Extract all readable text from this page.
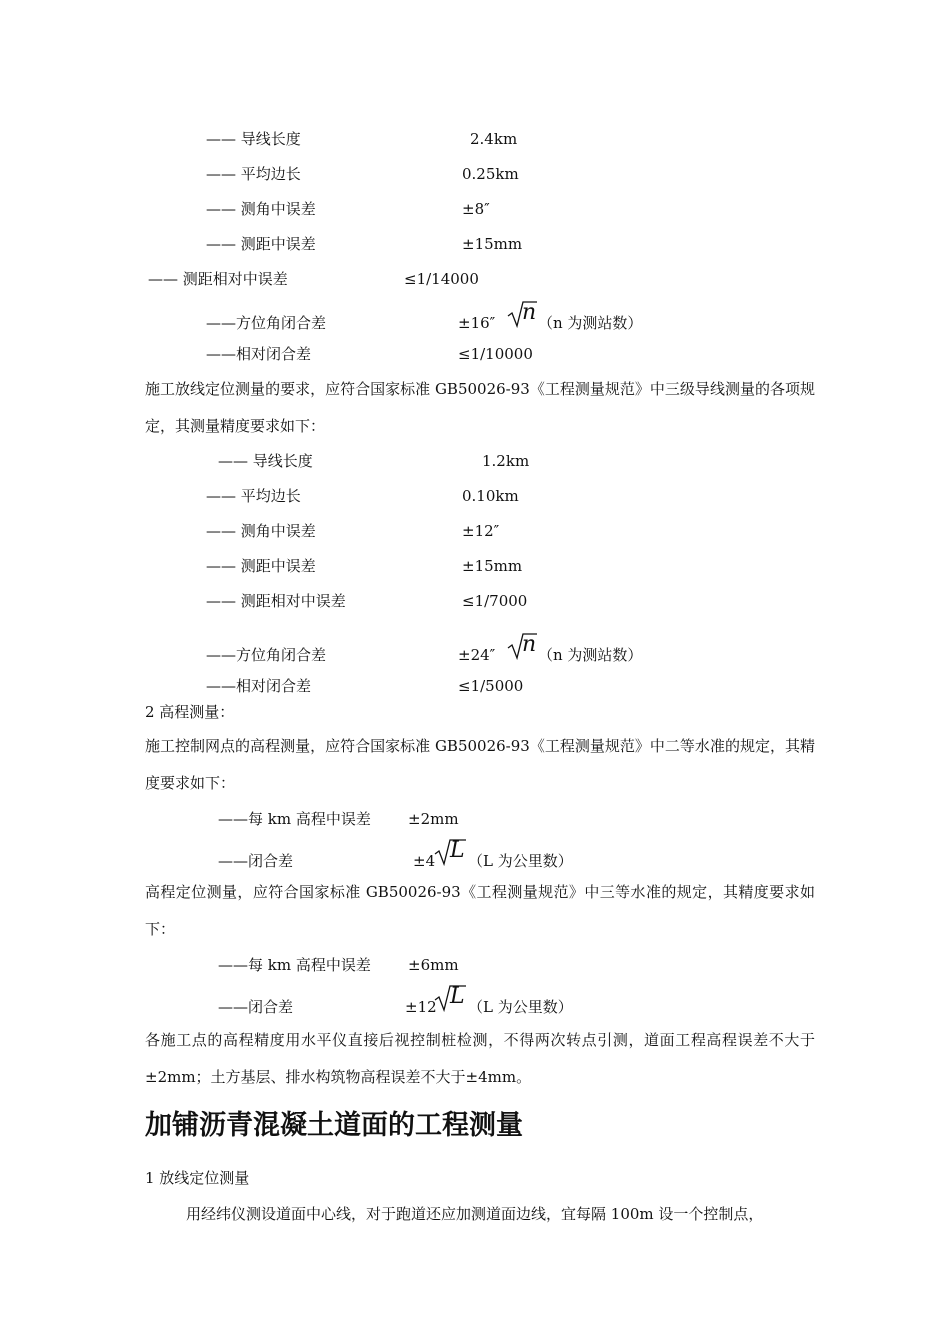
—— 导线长度	2.4km
—— 平均边长	0.25km
—— 测角中误差	±8″
—— 测距中误差	±15mm
—— 测距相对中误差	≤1/14000
——方位角闭合差	±16″ n （n 为测站数）
——相对闭合差	≤1/10000
施工放线定位测量的要求，应符合国家标准 GB50026-93《工程测量规范》中三级导线测量的各项规定，其测量精度要求如下：
—— 导线长度	1.2km
—— 平均边长	0.10km
—— 测角中误差	±12″
—— 测距中误差	±15mm
—— 测距相对中误差	≤1/7000
——方位角闭合差	±24″ n （n 为测站数）
——相对闭合差	≤1/5000
2 高程测量：
施工控制网点的高程测量，应符合国家标准 GB50026-93《工程测量规范》中二等水准的规定，其精度要求如下：
——每 km 高程中误差 ±2mm
——闭合差	±4 L （L 为公里数）
高程定位测量，应符合国家标准 GB50026-93《工程测量规范》中三等水准的规定，其精度要求如下：
——每 km 高程中误差 ±6mm
——闭合差	±12 L （L 为公里数）
各施工点的高程精度用水平仪直接后视控制桩检测，不得两次转点引测，道面工程高程误差不大于±2mm；土方基层、排水构筑物高程误差不大于±4mm。
加铺沥青混凝土道面的工程测量
1 放线定位测量
用经纬仪测设道面中心线，对于跑道还应加测道面边线，宜每隔 100m 设一个控制点，
